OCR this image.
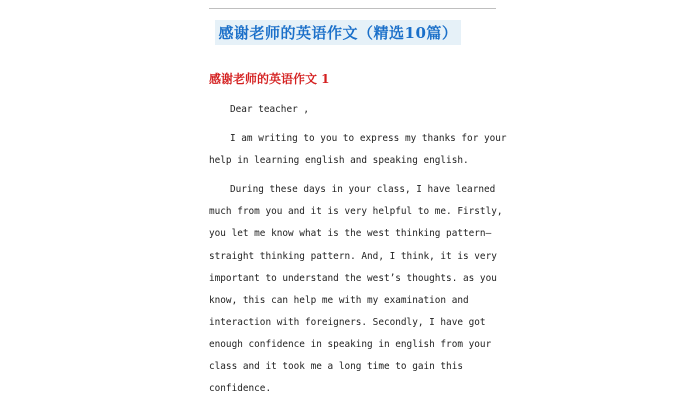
感谢老师的英语作文（精选10篇）
感谢老师的英语作文 1
Dear teacher ,
I am writing to you to express my thanks for your
help in learning english and speaking english.
During these days in your class, I have learned
much from you and it is very helpful to me. Firstly,
you let me know what is the west thinking pattern—
straight thinking pattern. And, I think, it is very
important to understand the west’s thoughts. as you
know, this can help me with my examination and
interaction with foreigners. Secondly, I have got
enough confidence in speaking in english from your
class and it took me a long time to gain this
confidence.
